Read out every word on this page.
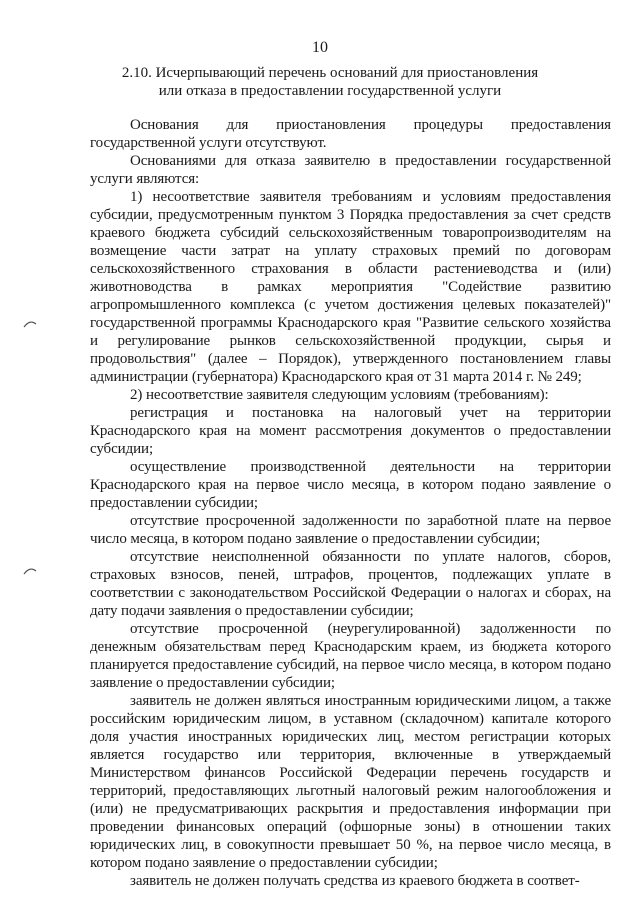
10
2.10. Исчерпывающий перечень оснований для приостановления
или отказа в предоставлении государственной услуги

Основания для приостановления процедуры предоставления государственной услуги отсутствуют.

Основаниями для отказа заявителю в предоставлении государственной услуги являются:

1) несоответствие заявителя требованиям и условиям предоставления субсидии, предусмотренным пунктом 3 Порядка предоставления за счет средств краевого бюджета субсидий сельскохозяйственным товаропроизводителям на возмещение части затрат на уплату страховых премий по договорам сельскохозяйственного страхования в области растениеводства и (или) животноводства в рамках мероприятия "Содействие развитию агропромышленного комплекса (с учетом достижения целевых показателей)" государственной программы Краснодарского края "Развитие сельского хозяйства и регулирование рынков сельскохозяйственной продукции, сырья и продовольствия" (далее – Порядок), утвержденного постановлением главы администрации (губернатора) Краснодарского края от 31 марта 2014 г. № 249;

2) несоответствие заявителя следующим условиям (требованиям):

регистрация и постановка на налоговый учет на территории Краснодарского края на момент рассмотрения документов о предоставлении субсидии;

осуществление производственной деятельности на территории Краснодарского края на первое число месяца, в котором подано заявление о предоставлении субсидии;

отсутствие просроченной задолженности по заработной плате на первое число месяца, в котором подано заявление о предоставлении субсидии;

отсутствие неисполненной обязанности по уплате налогов, сборов, страховых взносов, пеней, штрафов, процентов, подлежащих уплате в соответствии с законодательством Российской Федерации о налогах и сборах, на дату подачи заявления о предоставлении субсидии;

отсутствие просроченной (неурегулированной) задолженности по денежным обязательствам перед Краснодарским краем, из бюджета которого планируется предоставление субсидий, на первое число месяца, в котором подано заявление о предоставлении субсидии;

заявитель не должен являться иностранным юридическими лицом, а также российским юридическим лицом, в уставном (складочном) капитале которого доля участия иностранных юридических лиц, местом регистрации которых является государство или территория, включенные в утверждаемый Министерством финансов Российской Федерации перечень государств и территорий, предоставляющих льготный налоговый режим налогообложения и (или) не предусматривающих раскрытия и предоставления информации при проведении финансовых операций (офшорные зоны) в отношении таких юридических лиц, в совокупности превышает 50 %, на первое число месяца, в котором подано заявление о предоставлении субсидии;

заявитель не должен получать средства из краевого бюджета в соответ-
